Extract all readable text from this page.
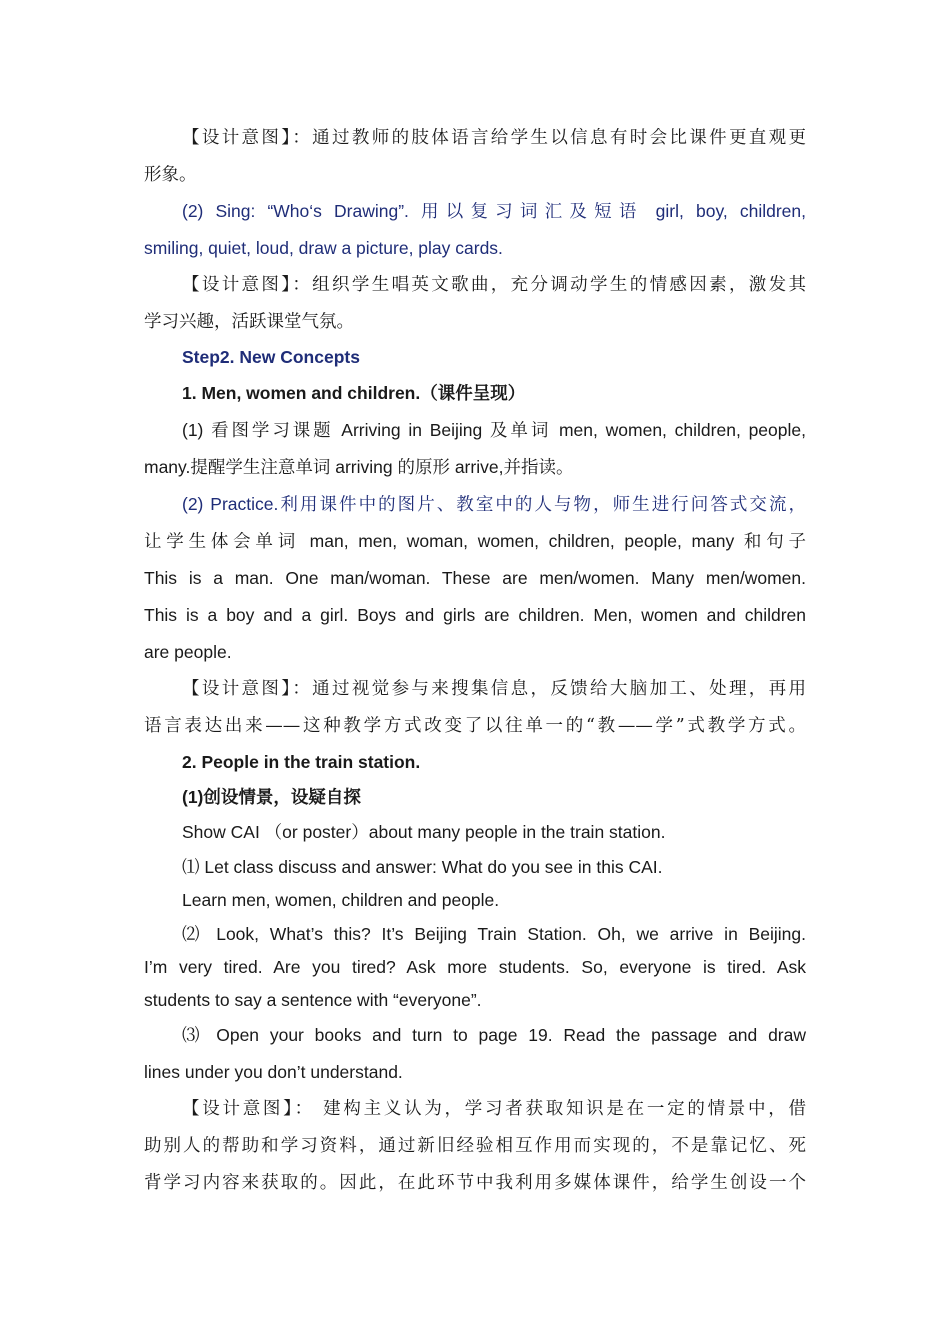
【设计意图】：通过教师的肢体语言给学生以信息有时会比课件更直观更
形象。
(2) Sing: “Who‘s Drawing”. 用以复习词汇及短语 girl, boy, children,
smiling, quiet, loud, draw a picture, play cards.
【设计意图】：组织学生唱英文歌曲，充分调动学生的情感因素，激发其
学习兴趣，活跃课堂气氛。
Step2. New Concepts
1. Men, women and children.（课件呈现）
(1) 看图学习课题 Arriving in Beijing 及单词 men, women, children, people,
many.提醒学生注意单词 arriving 的原形 arrive,并指读。
(2) Practice.利用课件中的图片、教室中的人与物，师生进行问答式交流，
让学生体会单词 man, men, woman, women, children, people, many 和句子
This is a man. One man/woman. These are men/women. Many men/women.
This is a boy and a girl. Boys and girls are children. Men, women and children
are people.
【设计意图】：通过视觉参与来搜集信息，反馈给大脑加工、处理，再用
语言表达出来——这种教学方式改变了以往单一的“教——学”式教学方式。
2. People in the train station.
(1)创设情景，设疑自探
Show CAI （or poster）about many people in the train station.
⑴ Let class discuss and answer: What do you see in this CAI.
Learn men, women, children and people.
⑵ Look, What’s this? It’s Beijing Train Station. Oh, we arrive in Beijing.
I’m very tired. Are you tired? Ask more students. So, everyone is tired. Ask
students to say a sentence with “everyone”.
⑶ Open your books and turn to page 19. Read the passage and draw
lines under you don’t understand.
【设计意图】： 建构主义认为，学习者获取知识是在一定的情景中，借
助别人的帮助和学习资料，通过新旧经验相互作用而实现的，不是靠记忆、死
背学习内容来获取的。因此，在此环节中我利用多媒体课件，给学生创设一个
